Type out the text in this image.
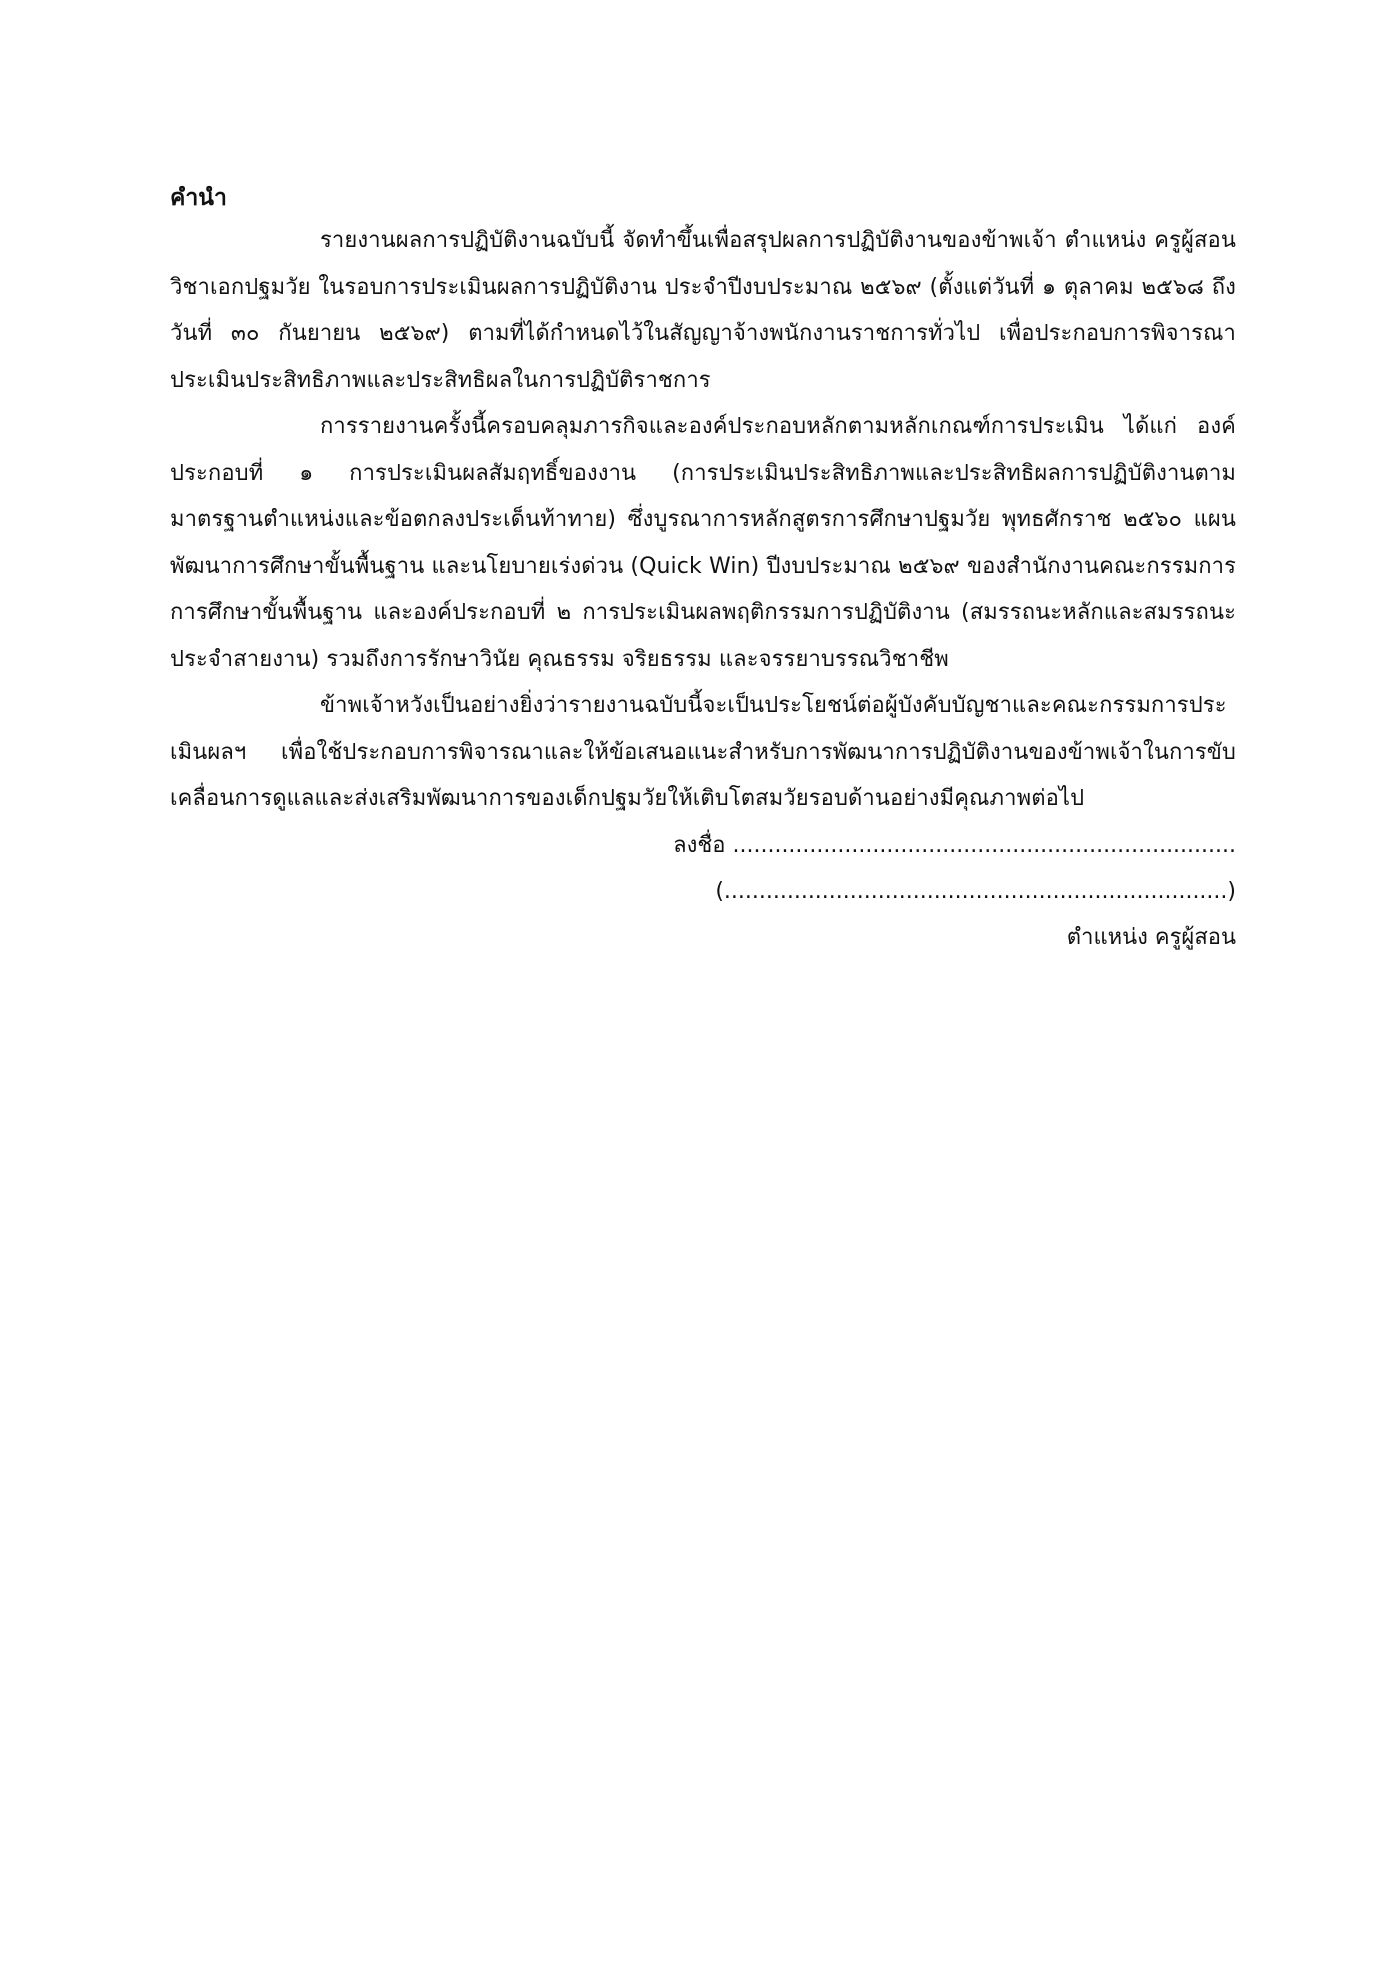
คำนำ

รายงานผลการปฏิบัติงานฉบับนี้ จัดทำขึ้นเพื่อสรุปผลการปฏิบัติงานของข้าพเจ้า ตำแหน่ง ครูผู้สอน วิชาเอกปฐมวัย ในรอบการประเมินผลการปฏิบัติงาน ประจำปีงบประมาณ ๒๕๖๙ (ตั้งแต่วันที่ ๑ ตุลาคม ๒๕๖๘ ถึงวันที่ ๓๐ กันยายน ๒๕๖๙) ตามที่ได้กำหนดไว้ในสัญญาจ้างพนักงานราชการทั่วไป เพื่อประกอบการพิจารณาประเมินประสิทธิภาพและประสิทธิผลในการปฏิบัติราชการ

การรายงานครั้งนี้ครอบคลุมภารกิจและองค์ประกอบหลักตามหลักเกณฑ์การประเมิน ได้แก่ องค์ประกอบที่ ๑ การประเมินผลสัมฤทธิ์ของงาน (การประเมินประสิทธิภาพและประสิทธิผลการปฏิบัติงานตามมาตรฐานตำแหน่งและข้อตกลงประเด็นท้าทาย) ซึ่งบูรณาการหลักสูตรการศึกษาปฐมวัย พุทธศักราช ๒๕๖๐ แผนพัฒนาการศึกษาขั้นพื้นฐาน และนโยบายเร่งด่วน (Quick Win) ปีงบประมาณ ๒๕๖๙ ของสำนักงานคณะกรรมการการศึกษาขั้นพื้นฐาน และองค์ประกอบที่ ๒ การประเมินผลพฤติกรรมการปฏิบัติงาน (สมรรถนะหลักและสมรรถนะประจำสายงาน) รวมถึงการรักษาวินัย คุณธรรม จริยธรรม และจรรยาบรรณวิชาชีพ

ข้าพเจ้าหวังเป็นอย่างยิ่งว่ารายงานฉบับนี้จะเป็นประโยชน์ต่อผู้บังคับบัญชาและคณะกรรมการประเมินผลฯ เพื่อใช้ประกอบการพิจารณาและให้ข้อเสนอแนะสำหรับการพัฒนาการปฏิบัติงานของข้าพเจ้าในการขับเคลื่อนการดูแลและส่งเสริมพัฒนาการของเด็กปฐมวัยให้เติบโตสมวัยรอบด้านอย่างมีคุณภาพต่อไป

ลงชื่อ ........................................................................
(........................................................................)
ตำแหน่ง ครูผู้สอน
